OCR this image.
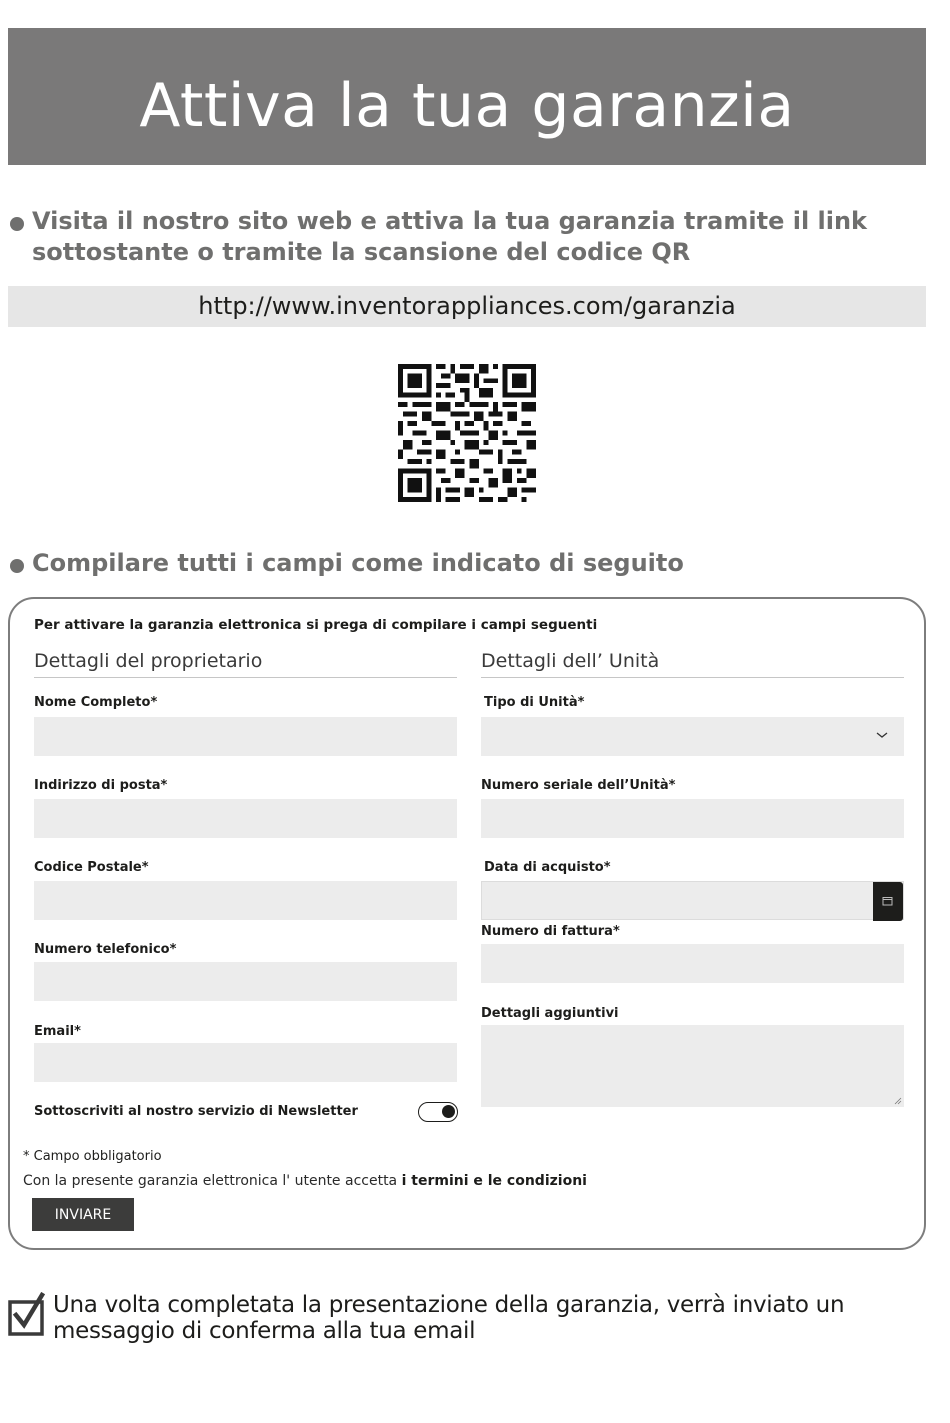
Attiva la tua garanzia
Visita il nostro sito web e attiva la tua garanzia tramite il link sottostante o tramite la scansione del codice QR
http://www.inventorappliances.com/garanzia
Compilare tutti i campi come indicato di seguito
Per attivare la garanzia elettronica si prega di compilare i campi seguenti
Dettagli del proprietario	Dettagli dell’ Unità
Nome Completo*
Indirizzo di posta*
Codice Postale*
Numero telefonico*
Email*
Sottoscriviti al nostro servizio di Newsletter
Tipo di Unità*
Numero seriale dell’Unità*
Data di acquisto*
Numero di fattura*
Dettagli aggiuntivi
* Campo obbligatorio
Con la presente garanzia elettronica l' utente accetta i termini e le condizioni
INVIARE
Una volta completata la presentazione della garanzia, verrà inviato un messaggio di conferma alla tua email
